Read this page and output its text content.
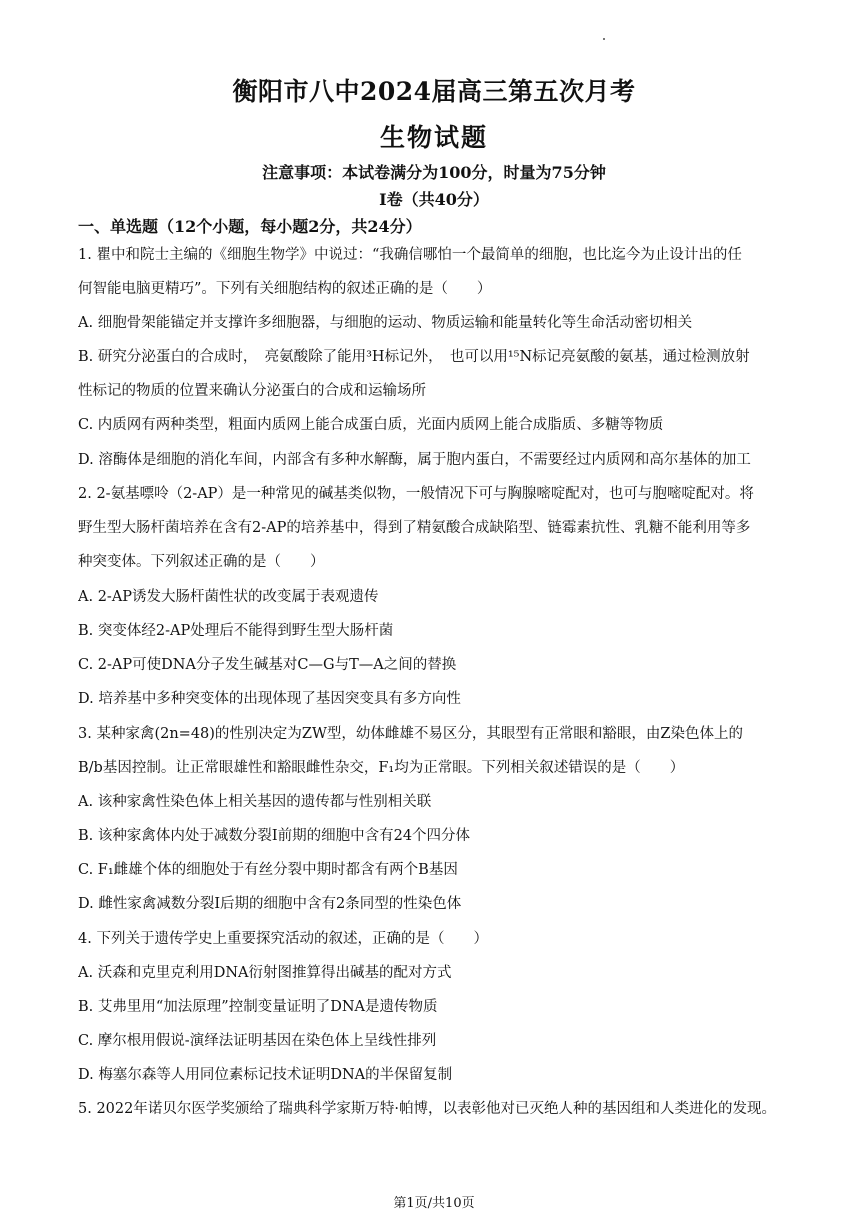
衡阳市八中2024届高三第五次月考
生物试题
注意事项：本试卷满分为100分，时量为75分钟
Ⅰ卷（共40分）
一、单选题（12个小题，每小题2分，共24分）
1. 瞿中和院士主编的《细胞生物学》中说过：“我确信哪怕一个最简单的细胞，也比迄今为止设计出的任
何智能电脑更精巧”。下列有关细胞结构的叙述正确的是（　　）
A. 细胞骨架能锚定并支撑许多细胞器，与细胞的运动、物质运输和能量转化等生命活动密切相关
B. 研究分泌蛋白的合成时，　亮氨酸除了能用³H标记外，　也可以用¹⁵N标记亮氨酸的氨基，通过检测放射
性标记的物质的位置来确认分泌蛋白的合成和运输场所
C. 内质网有两种类型，粗面内质网上能合成蛋白质，光面内质网上能合成脂质、多糖等物质
D. 溶酶体是细胞的消化车间，内部含有多种水解酶，属于胞内蛋白，不需要经过内质网和高尔基体的加工
2. 2-氨基嘌呤（2-AP）是一种常见的碱基类似物，一般情况下可与胸腺嘧啶配对，也可与胞嘧啶配对。将
野生型大肠杆菌培养在含有2-AP的培养基中，得到了精氨酸合成缺陷型、链霉素抗性、乳糖不能利用等多
种突变体。下列叙述正确的是（　　）
A. 2-AP诱发大肠杆菌性状的改变属于表观遗传
B. 突变体经2-AP处理后不能得到野生型大肠杆菌
C. 2-AP可使DNA分子发生碱基对C—G与T—A之间的替换
D. 培养基中多种突变体的出现体现了基因突变具有多方向性
3. 某种家禽(2n=48)的性别决定为ZW型，幼体雌雄不易区分，其眼型有正常眼和豁眼，由Z染色体上的
B/b基因控制。让正常眼雄性和豁眼雌性杂交，F₁均为正常眼。下列相关叙述错误的是（　　）
A. 该种家禽性染色体上相关基因的遗传都与性别相关联
B. 该种家禽体内处于减数分裂Ⅰ前期的细胞中含有24个四分体
C. F₁雌雄个体的细胞处于有丝分裂中期时都含有两个B基因
D. 雌性家禽减数分裂Ⅰ后期的细胞中含有2条同型的性染色体
4. 下列关于遗传学史上重要探究活动的叙述，正确的是（　　）
A. 沃森和克里克利用DNA衍射图推算得出碱基的配对方式
B. 艾弗里用“加法原理”控制变量证明了DNA是遗传物质
C. 摩尔根用假说-演绎法证明基因在染色体上呈线性排列
D. 梅塞尔森等人用同位素标记技术证明DNA的半保留复制
5. 2022年诺贝尔医学奖颁给了瑞典科学家斯万特·帕博，以表彰他对已灭绝人种的基因组和人类进化的发现。
第1页/共10页
